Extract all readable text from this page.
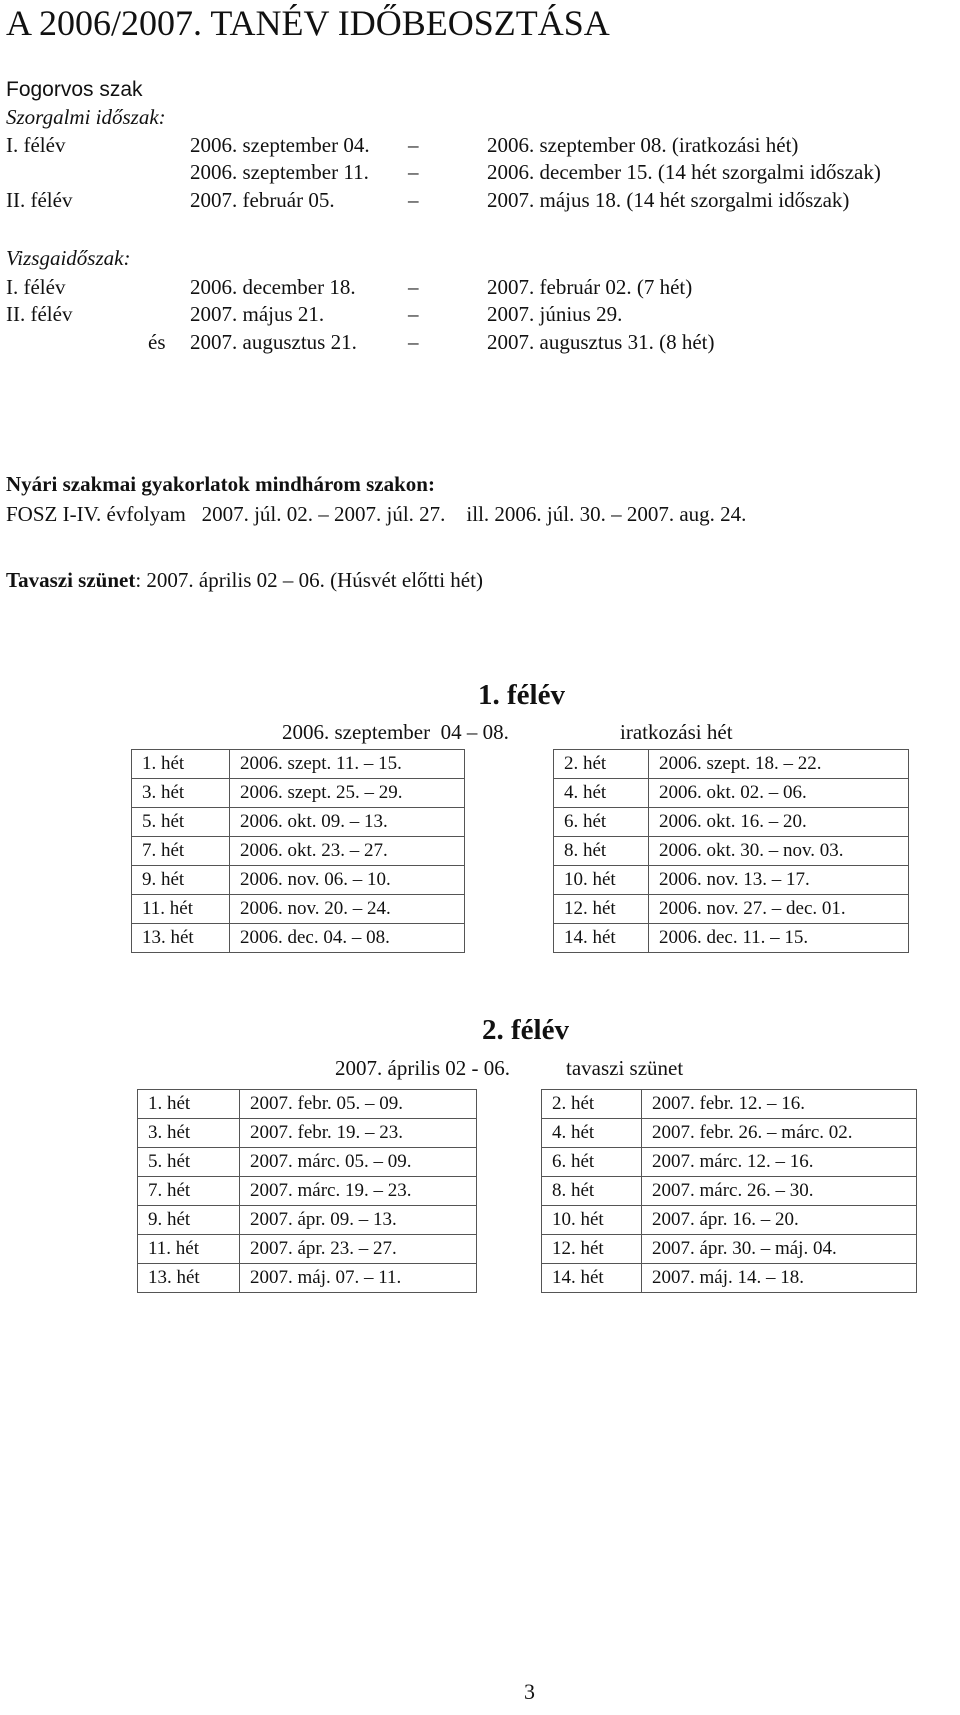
A 2006/2007. TANÉV IDŐBEOSZTÁSA
Fogorvos szak
Szorgalmi időszak:
I. félév	2006. szeptember 04. –	2006. szeptember 08. (iratkozási hét)
2006. szeptember 11. –	2006. december 15. (14 hét szorgalmi időszak)
II. félév	2007. február 05.	–	2007. május 18. (14 hét szorgalmi időszak)
Vizsgaidőszak:
I. félév	2006. december 18. –	2007. február 02. (7 hét)
II. félév	2007. május 21.	–	2007. június 29.
és 2007. augusztus 21. –	2007. augusztus 31. (8 hét)
Nyári szakmai gyakorlatok mindhárom szakon:
FOSZ I-IV. évfolyam   2007. júl. 02. – 2007. júl. 27.    ill. 2006. júl. 30. – 2007. aug. 24.
Tavaszi szünet: 2007. április 02 – 06. (Húsvét előtti hét)
1. félév
2006. szeptember  04 – 08.	iratkozási hét
1. hét	2006. szept. 11. – 15.
3. hét	2006. szept. 25. – 29.
5. hét	2006. okt. 09. – 13.
7. hét	2006. okt. 23. – 27.
9. hét	2006. nov. 06. – 10.
11. hét	2006. nov. 20. – 24.
13. hét	2006. dec. 04. – 08.
2. hét	2006. szept. 18. – 22.
4. hét	2006. okt. 02. – 06.
6. hét	2006. okt. 16. – 20.
8. hét	2006. okt. 30. – nov. 03.
10. hét	2006. nov. 13. – 17.
12. hét	2006. nov. 27. – dec. 01.
14. hét	2006. dec. 11. – 15.
2. félév
2007. április 02 - 06.	tavaszi szünet
1. hét	2007. febr. 05. – 09.
3. hét	2007. febr. 19. – 23.
5. hét	2007. márc. 05. – 09.
7. hét	2007. márc. 19. – 23.
9. hét	2007. ápr. 09. – 13.
11. hét	2007. ápr. 23. – 27.
13. hét	2007. máj. 07. – 11.
2. hét	2007. febr. 12. – 16.
4. hét	2007. febr. 26. – márc. 02.
6. hét	2007. márc. 12. – 16.
8. hét	2007. márc. 26. – 30.
10. hét	2007. ápr. 16. – 20.
12. hét	2007. ápr. 30. – máj. 04.
14. hét	2007. máj. 14. – 18.
3
